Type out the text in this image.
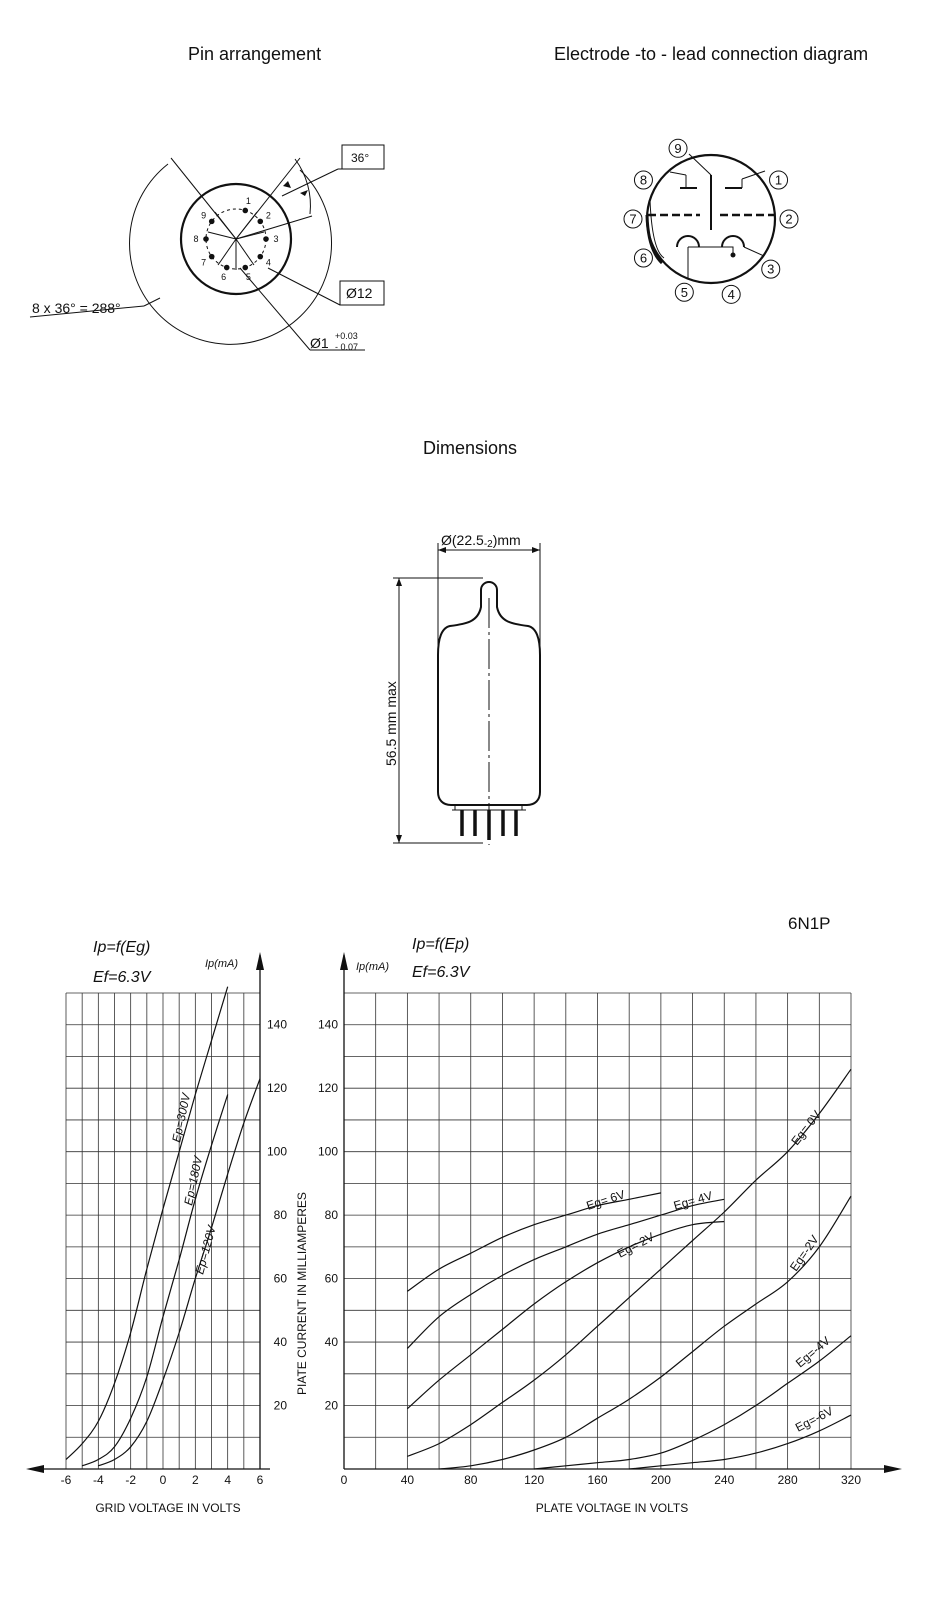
Pin arrangement	Electrode -to - lead connection diagram
Dimensions
6N1P
1
2
3
4
5
6
7
8
9
36°
Ø12
8 x 36° = 288°
Ø1 +0.03
- 0.07
1
2
3
4
5
6
7
8
9
Ø(22.5-2)mm
56.5 mm max
-6 -4 -2 0 2 4 6
20
40
60
80
100
120
140
Ip=f(Eg)
Ef=6.3V
Ip(mA)
GRID VOLTAGE IN VOLTS
Ep=300V
Ep=180V
Ep=120V
0	40	80	120	160	200	240	280	320
20
40
60
80
100
120
140
Ip=f(Ep)
Ef=6.3V
Ip(mA)
PIATE CURRENT IN MILLIAMPERES
PLATE VOLTAGE IN VOLTS
Eg= 6V	Eg= 4V
Eg= 2V
Eg= 0V
Eg=-2V
Eg=-4V
Eg=-6V
